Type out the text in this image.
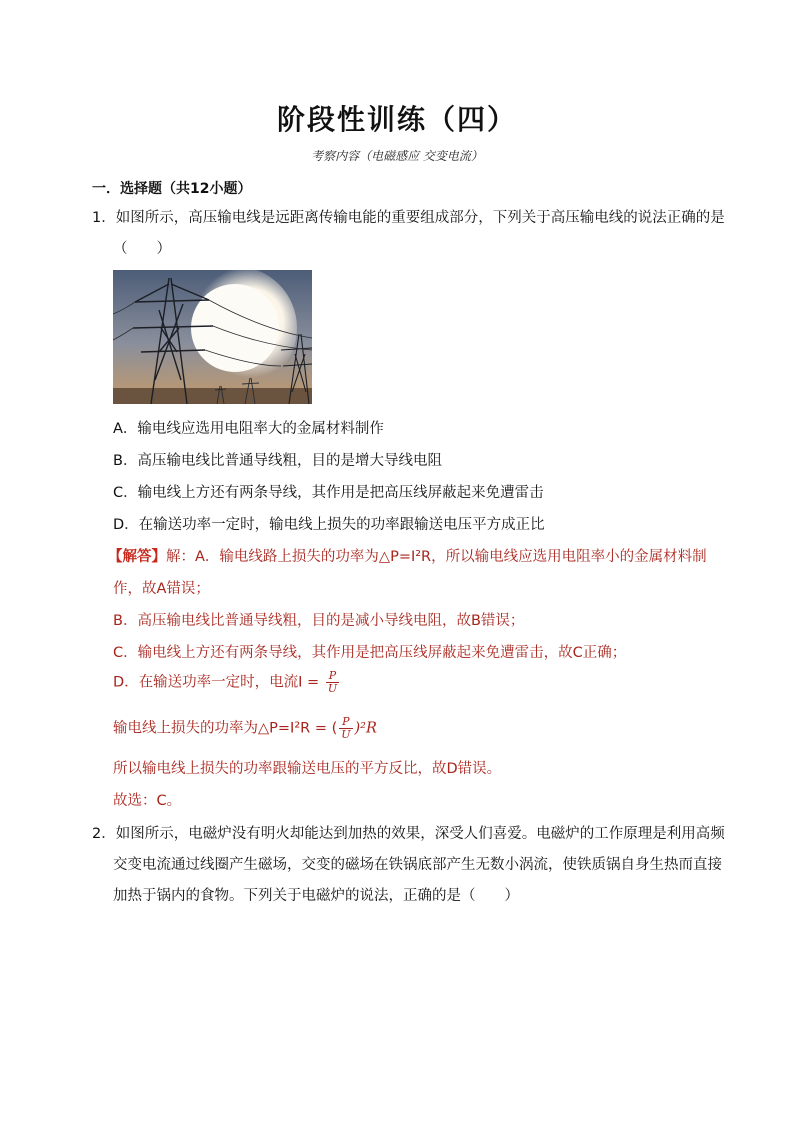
阶段性训练（四）
考察内容（电磁感应 交变电流）
一．选择题（共12小题）
1．如图所示，高压输电线是远距离传输电能的重要组成部分，下列关于高压输电线的说法正确的是
（　　）
A．输电线应选用电阻率大的金属材料制作
B．高压输电线比普通导线粗，目的是增大导线电阻
C．输电线上方还有两条导线，其作用是把高压线屏蔽起来免遭雷击
D．在输送功率一定时，输电线上损失的功率跟输送电压平方成正比
【解答】解：A．输电线路上损失的功率为△P=I²R，所以输电线应选用电阻率小的金属材料制
作，故A错误；
B．高压输电线比普通导线粗，目的是减小导线电阻，故B错误；
C．输电线上方还有两条导线，其作用是把高压线屏蔽起来免遭雷击，故C正确；
D．在输送功率一定时，电流$I = \frac{P}{U}$
输电线上损失的功率为△P=I²R = ( $\frac{P}{U} )^2R$
所以输电线上损失的功率跟输送电压的平方反比，故D错误。
故选：C。
2．如图所示，电磁炉没有明火却能达到加热的效果，深受人们喜爱。电磁炉的工作原理是利用高频
交变电流通过线圈产生磁场，交变的磁场在铁锅底部产生无数小涡流，使铁质锅自身生热而直接
加热于锅内的食物。下列关于电磁炉的说法，正确的是（　　）
